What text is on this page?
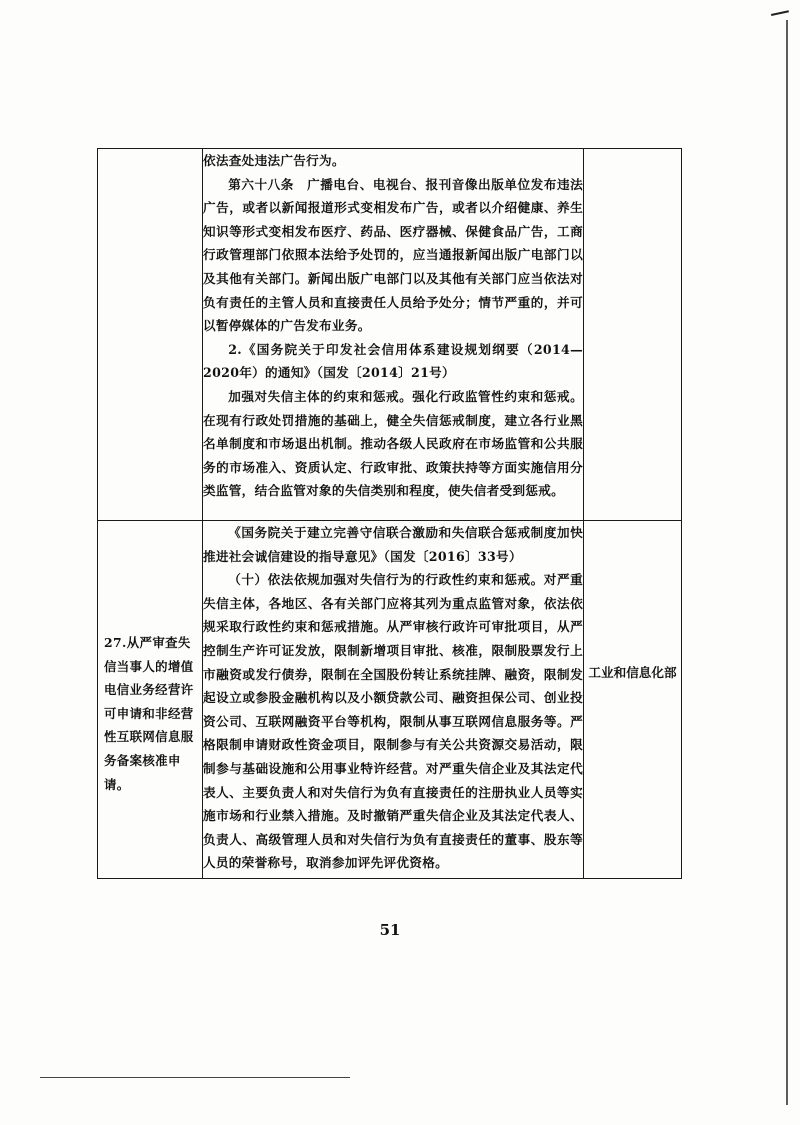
	依法查处违法广告行为。

第六十八条　广播电台、电视台、报刊音像出版单位发布违法广告，或者以新闻报道形式变相发布广告，或者以介绍健康、养生知识等形式变相发布医疗、药品、医疗器械、保健食品广告，工商行政管理部门依照本法给予处罚的，应当通报新闻出版广电部门以及其他有关部门。新闻出版广电部门以及其他有关部门应当依法对负有责任的主管人员和直接责任人员给予处分；情节严重的，并可以暂停媒体的广告发布业务。

2.《国务院关于印发社会信用体系建设规划纲要（2014—2020年）的通知》（国发〔2014〕21号）

加强对失信主体的约束和惩戒。强化行政监管性约束和惩戒。在现有行政处罚措施的基础上，健全失信惩戒制度，建立各行业黑名单制度和市场退出机制。推动各级人民政府在市场监管和公共服务的市场准入、资质认定、行政审批、政策扶持等方面实施信用分类监管，结合监管对象的失信类别和程度，使失信者受到惩戒。	

27.从严审查失信当事人的增值电信业务经营许可申请和非经营性互联网信息服务备案核准申请。	《国务院关于建立完善守信联合激励和失信联合惩戒制度加快推进社会诚信建设的指导意见》（国发〔2016〕33号）

（十）依法依规加强对失信行为的行政性约束和惩戒。对严重失信主体，各地区、各有关部门应将其列为重点监管对象，依法依规采取行政性约束和惩戒措施。从严审核行政许可审批项目，从严控制生产许可证发放，限制新增项目审批、核准，限制股票发行上市融资或发行债券，限制在全国股份转让系统挂牌、融资，限制发起设立或参股金融机构以及小额贷款公司、融资担保公司、创业投资公司、互联网融资平台等机构，限制从事互联网信息服务等。严格限制申请财政性资金项目，限制参与有关公共资源交易活动，限制参与基础设施和公用事业特许经营。对严重失信企业及其法定代表人、主要负责人和对失信行为负有直接责任的注册执业人员等实施市场和行业禁入措施。及时撤销严重失信企业及其法定代表人、负责人、高级管理人员和对失信行为负有直接责任的董事、股东等人员的荣誉称号，取消参加评先评优资格。	工业和信息化部
51
